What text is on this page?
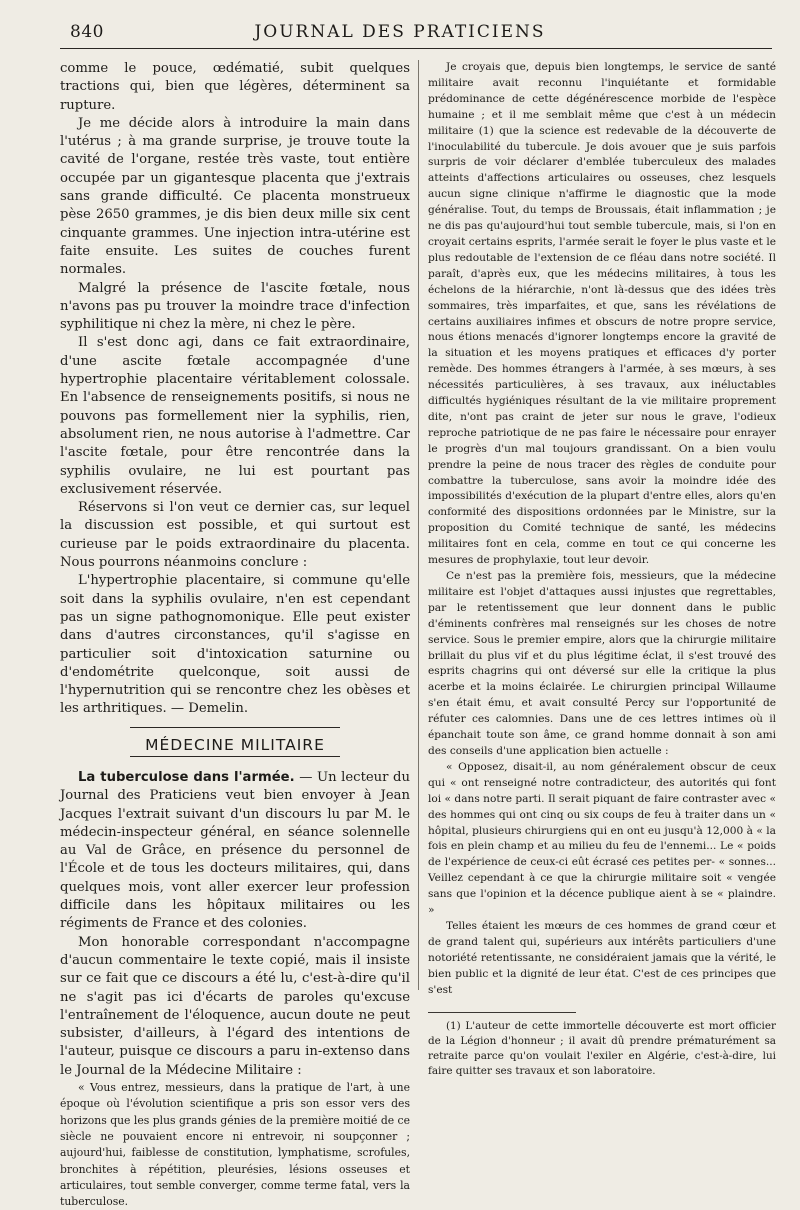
840	JOURNAL DES PRATICIENS

comme le pouce, œdématié, subit quelques tractions qui, bien que légères, déterminent sa rupture.

Je me décide alors à introduire la main dans l'utérus ; à ma grande surprise, je trouve toute la cavité de l'organe, restée très vaste, tout entière occupée par un gigantesque placenta que j'extrais sans grande difficulté. Ce placenta monstrueux pèse 2650 grammes, je dis bien deux mille six cent cinquante grammes. Une injection intra-utérine est faite ensuite. Les suites de couches furent normales.

Malgré la présence de l'ascite fœtale, nous n'avons pas pu trouver la moindre trace d'infection syphilitique ni chez la mère, ni chez le père.

Il s'est donc agi, dans ce fait extraordinaire, d'une ascite fœtale accompagnée d'une hypertrophie placentaire véritablement colossale. En l'absence de renseignements positifs, si nous ne pouvons pas formellement nier la syphilis, rien, absolument rien, ne nous autorise à l'admettre. Car l'ascite fœtale, pour être rencontrée dans la syphilis ovulaire, ne lui est pourtant pas exclusivement réservée.

Réservons si l'on veut ce dernier cas, sur lequel la discussion est possible, et qui surtout est curieuse par le poids extraordinaire du placenta. Nous pourrons néanmoins conclure :

L'hypertrophie placentaire, si commune qu'elle soit dans la syphilis ovulaire, n'en est cependant pas un signe pathognomonique. Elle peut exister dans d'autres circonstances, qu'il s'agisse en particulier soit d'intoxication saturnine ou d'endométrite quelconque, soit aussi de l'hypernutrition qui se rencontre chez les obèses et les arthritiques. — Demelin.

MÉDECINE MILITAIRE

La tuberculose dans l'armée. — Un lecteur du Journal des Praticiens veut bien envoyer à Jean Jacques l'extrait suivant d'un discours lu par M. le médecin-inspecteur général, en séance solennelle au Val de Grâce, en présence du personnel de l'École et de tous les docteurs militaires, qui, dans quelques mois, vont aller exercer leur profession difficile dans les hôpitaux militaires ou les régiments de France et des colonies.

Mon honorable correspondant n'accompagne d'aucun commentaire le texte copié, mais il insiste sur ce fait que ce discours a été lu, c'est-à-dire qu'il ne s'agit pas ici d'écarts de paroles qu'excuse l'entraînement de l'éloquence, aucun doute ne peut subsister, d'ailleurs, à l'égard des intentions de l'auteur, puisque ce discours a paru in-extenso dans le Journal de la Médecine Militaire :

« Vous entrez, messieurs, dans la pratique de l'art, à une époque où l'évolution scientifique a pris son essor vers des horizons que les plus grands génies de la première moitié de ce siècle ne pouvaient encore ni entrevoir, ni soupçonner ; aujourd'hui, faiblesse de constitution, lymphatisme, scrofules, bronchites à répétition, pleurésies, lésions osseuses et articulaires, tout semble converger, comme terme fatal, vers la tuberculose.

Je croyais que, depuis bien longtemps, le service de santé militaire avait reconnu l'inquiétante et formidable prédominance de cette dégénérescence morbide de l'espèce humaine ; et il me semblait même que c'est à un médecin militaire (1) que la science est redevable de la découverte de l'inoculabilité du tubercule. Je dois avouer que je suis parfois surpris de voir déclarer d'emblée tuberculeux des malades atteints d'affections articulaires ou osseuses, chez lesquels aucun signe clinique n'affirme le diagnostic que la mode généralise. Tout, du temps de Broussais, était inflammation ; je ne dis pas qu'aujourd'hui tout semble tubercule, mais, si l'on en croyait certains esprits, l'armée serait le foyer le plus vaste et le plus redoutable de l'extension de ce fléau dans notre société. Il paraît, d'après eux, que les médecins militaires, à tous les échelons de la hiérarchie, n'ont là-dessus que des idées très sommaires, très imparfaites, et que, sans les révélations de certains auxiliaires infimes et obscurs de notre propre service, nous étions menacés d'ignorer longtemps encore la gravité de la situation et les moyens pratiques et efficaces d'y porter remède. Des hommes étrangers à l'armée, à ses mœurs, à ses nécessités particulières, à ses travaux, aux inéluctables difficultés hygiéniques résultant de la vie militaire proprement dite, n'ont pas craint de jeter sur nous le grave, l'odieux reproche patriotique de ne pas faire le nécessaire pour enrayer le progrès d'un mal toujours grandissant. On a bien voulu prendre la peine de nous tracer des règles de conduite pour combattre la tuberculose, sans avoir la moindre idée des impossibilités d'exécution de la plupart d'entre elles, alors qu'en conformité des dispositions ordonnées par le Ministre, sur la proposition du Comité technique de santé, les médecins militaires font en cela, comme en tout ce qui concerne les mesures de prophylaxie, tout leur devoir.

Ce n'est pas la première fois, messieurs, que la médecine militaire est l'objet d'attaques aussi injustes que regrettables, par le retentissement que leur donnent dans le public d'éminents confrères mal renseignés sur les choses de notre service. Sous le premier empire, alors que la chirurgie militaire brillait du plus vif et du plus légitime éclat, il s'est trouvé des esprits chagrins qui ont déversé sur elle la critique la plus acerbe et la moins éclairée. Le chirurgien principal Willaume s'en était ému, et avait consulté Percy sur l'opportunité de réfuter ces calomnies. Dans une de ces lettres intimes où il épanchait toute son âme, ce grand homme donnait à son ami des conseils d'une application bien actuelle :

« Opposez, disait-il, au nom généralement obscur de ceux qui « ont renseigné notre contradicteur, des autorités qui font loi « dans notre parti. Il serait piquant de faire contraster avec « des hommes qui ont cinq ou six coups de feu à traiter dans un « hôpital, plusieurs chirurgiens qui en ont eu jusqu'à 12,000 à « la fois en plein champ et au milieu du feu de l'ennemi... Le « poids de l'expérience de ceux-ci eût écrasé ces petites per- « sonnes... Veillez cependant à ce que la chirurgie militaire soit « vengée sans que l'opinion et la décence publique aient à se « plaindre. »

Telles étaient les mœurs de ces hommes de grand cœur et de grand talent qui, supérieurs aux intérêts particuliers d'une notoriété retentissante, ne considéraient jamais que la vérité, le bien public et la dignité de leur état. C'est de ces principes que s'est

(1) L'auteur de cette immortelle découverte est mort officier de la Légion d'honneur ; il avait dû prendre prématurément sa retraite parce qu'on voulait l'exiler en Algérie, c'est-à-dire, lui faire quitter ses travaux et son laboratoire.
